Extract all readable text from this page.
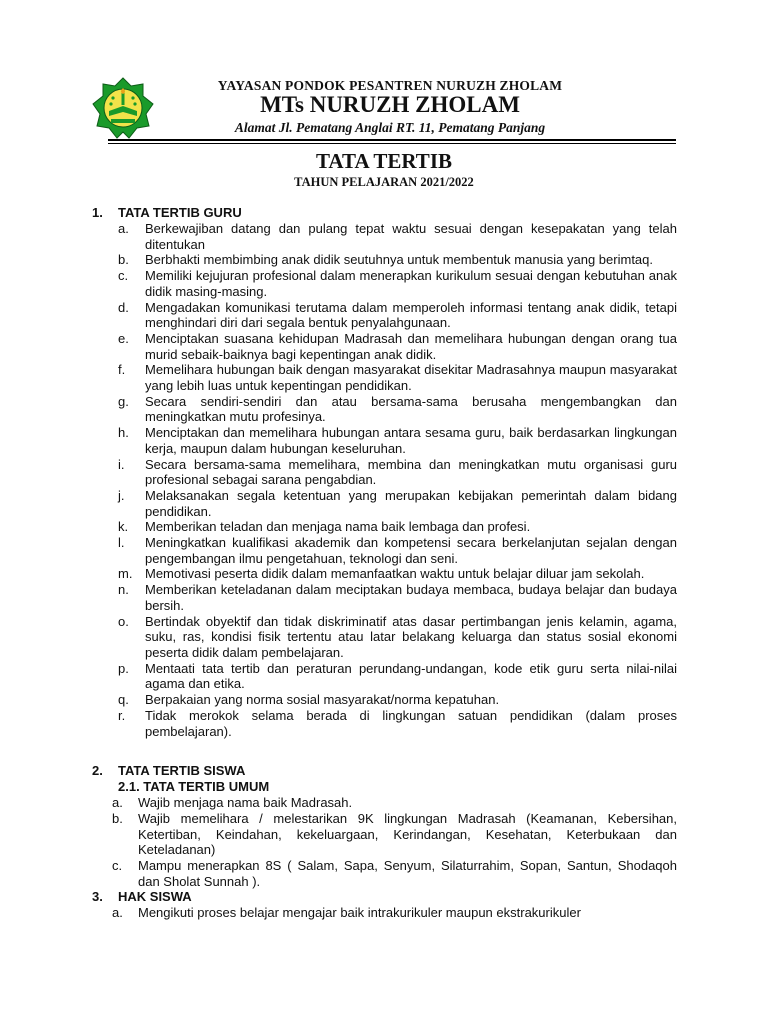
YAYASAN PONDOK PESANTREN NURUZH ZHOLAM
MTs NURUZH ZHOLAM
Alamat Jl. Pematang Anglai RT. 11, Pematang Panjang
TATA TERTIB
TAHUN PELAJARAN 2021/2022
1. TATA TERTIB GURU
a. Berkewajiban datang dan pulang tepat waktu sesuai dengan kesepakatan yang telah ditentukan
b. Berbhakti membimbing anak didik seutuhnya untuk membentuk manusia yang berimtaq.
c. Memiliki kejujuran profesional dalam menerapkan kurikulum sesuai dengan kebutuhan anak didik masing-masing.
d. Mengadakan komunikasi terutama dalam memperoleh informasi tentang anak didik, tetapi menghindari diri dari segala bentuk penyalahgunaan.
e. Menciptakan suasana kehidupan Madrasah dan memelihara hubungan dengan orang tua murid sebaik-baiknya bagi kepentingan anak didik.
f. Memelihara hubungan baik dengan masyarakat disekitar Madrasahnya maupun masyarakat yang lebih luas untuk kepentingan pendidikan.
g. Secara sendiri-sendiri dan atau bersama-sama berusaha mengembangkan dan meningkatkan mutu profesinya.
h. Menciptakan dan memelihara hubungan antara sesama guru, baik berdasarkan lingkungan kerja, maupun dalam hubungan keseluruhan.
i. Secara bersama-sama memelihara, membina dan meningkatkan mutu organisasi guru profesional sebagai sarana pengabdian.
j. Melaksanakan segala ketentuan yang merupakan kebijakan pemerintah dalam bidang pendidikan.
k. Memberikan teladan dan menjaga nama baik lembaga dan profesi.
l. Meningkatkan kualifikasi akademik dan kompetensi secara berkelanjutan sejalan dengan pengembangan ilmu pengetahuan, teknologi dan seni.
m. Memotivasi peserta didik dalam memanfaatkan waktu untuk belajar diluar jam sekolah.
n. Memberikan keteladanan dalam meciptakan budaya membaca, budaya belajar dan budaya bersih.
o. Bertindak obyektif dan tidak diskriminatif atas dasar pertimbangan jenis kelamin, agama, suku, ras, kondisi fisik tertentu atau latar belakang keluarga dan status sosial ekonomi peserta didik dalam pembelajaran.
p. Mentaati tata tertib dan peraturan perundang-undangan, kode etik guru serta nilai-nilai agama dan etika.
q. Berpakaian yang norma sosial masyarakat/norma kepatuhan.
r. Tidak merokok selama berada di lingkungan satuan pendidikan (dalam proses pembelajaran).
2. TATA TERTIB SISWA
2.1. TATA TERTIB UMUM
a. Wajib menjaga nama baik Madrasah.
b. Wajib memelihara / melestarikan 9K lingkungan Madrasah (Keamanan, Kebersihan, Ketertiban, Keindahan, kekeluargaan, Kerindangan, Kesehatan, Keterbukaan dan Keteladanan)
c. Mampu menerapkan 8S ( Salam, Sapa, Senyum, Silaturrahim, Sopan, Santun, Shodaqoh dan Sholat Sunnah ).
3. HAK SISWA
a. Mengikuti proses belajar mengajar baik intrakurikuler maupun ekstrakurikuler
